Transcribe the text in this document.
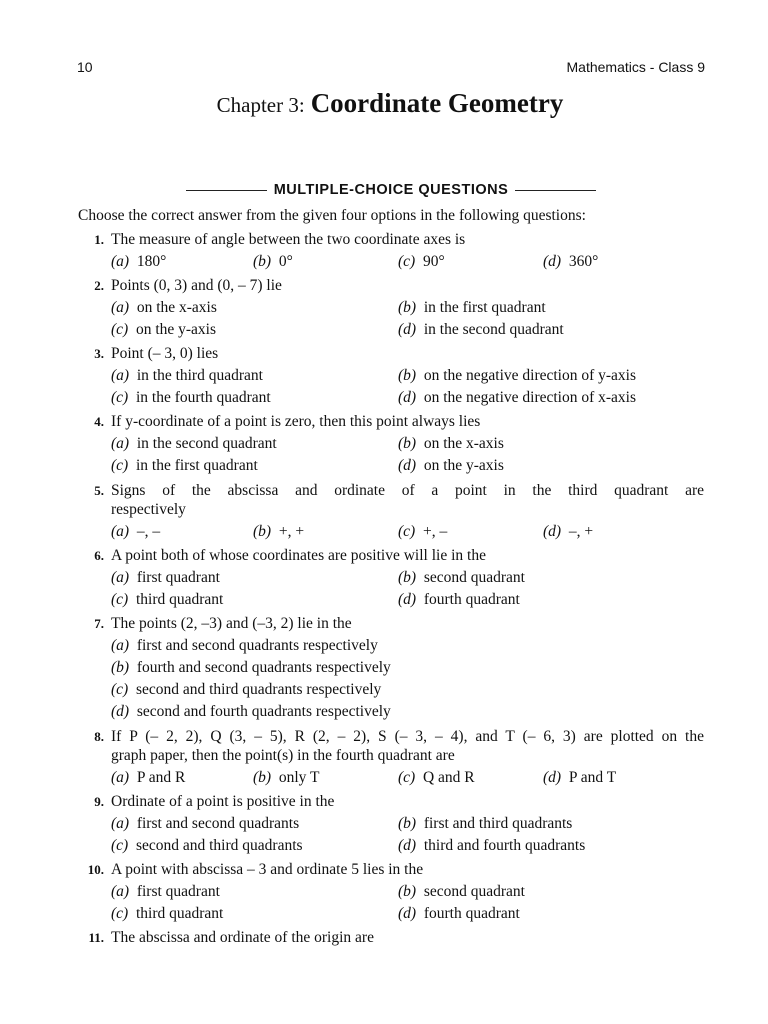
10	Mathematics - Class 9
Chapter 3: Coordinate Geometry
MULTIPLE-CHOICE QUESTIONS
Choose the correct answer from the given four options in the following questions:
1. The measure of angle between the two coordinate axes is
(a) 180°	(b) 0°	(c) 90°	(d) 360°
2. Points (0, 3) and (0, – 7) lie
(a) on the x-axis	(b) in the first quadrant
(c) on the y-axis	(d) in the second quadrant
3. Point (– 3, 0) lies
(a) in the third quadrant	(b) on the negative direction of y-axis
(c) in the fourth quadrant	(d) on the negative direction of x-axis
4. If y-coordinate of a point is zero, then this point always lies
(a) in the second quadrant	(b) on the x-axis
(c) in the first quadrant	(d) on the y-axis
5. Signs of the abscissa and ordinate of a point in the third quadrant are
respectively
(a) –, –	(b) +, +	(c) +, –	(d) –, +
6. A point both of whose coordinates are positive will lie in the
(a) first quadrant	(b) second quadrant
(c) third quadrant	(d) fourth quadrant
7. The points (2, –3) and (–3, 2) lie in the
(a) first and second quadrants respectively
(b) fourth and second quadrants respectively
(c) second and third quadrants respectively
(d) second and fourth quadrants respectively
8. If P (– 2, 2), Q (3, – 5), R (2, – 2), S (– 3, – 4), and T (– 6, 3) are plotted on the
graph paper, then the point(s) in the fourth quadrant are
(a) P and R	(b) only T	(c) Q and R	(d) P and T
9. Ordinate of a point is positive in the
(a) first and second quadrants	(b) first and third quadrants
(c) second and third quadrants	(d) third and fourth quadrants
10. A point with abscissa – 3 and ordinate 5 lies in the
(a) first quadrant	(b) second quadrant
(c) third quadrant	(d) fourth quadrant
11. The abscissa and ordinate of the origin are
